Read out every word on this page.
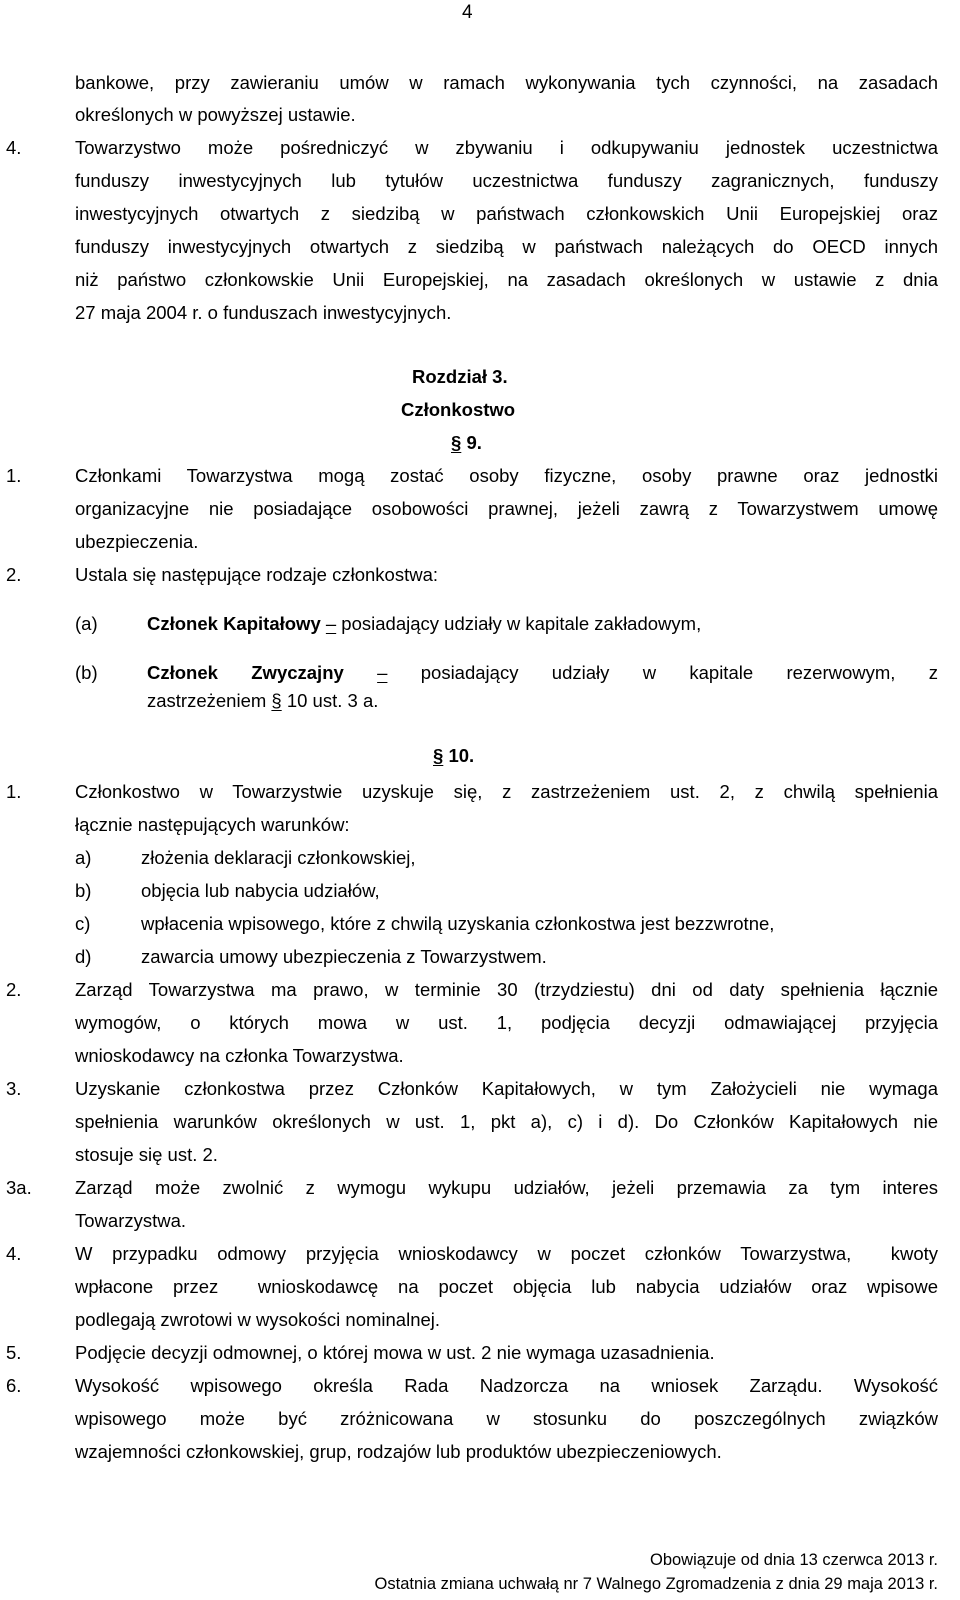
4
bankowe, przy zawieraniu umów w ramach wykonywania tych czynności, na zasadach
określonych w powyższej ustawie.
4.	Towarzystwo może pośredniczyć w zbywaniu i odkupywaniu jednostek uczestnictwa
funduszy inwestycyjnych lub tytułów uczestnictwa funduszy zagranicznych, funduszy
inwestycyjnych otwartych z siedzibą w państwach członkowskich Unii Europejskiej oraz
funduszy inwestycyjnych otwartych z siedzibą w państwach należących do OECD innych
niż państwo członkowskie Unii Europejskiej, na zasadach określonych w ustawie z dnia
27 maja 2004 r. o funduszach inwestycyjnych.
Rozdział 3.
Członkostwo
§ 9.
1.	Członkami Towarzystwa mogą zostać osoby fizyczne, osoby prawne oraz jednostki
organizacyjne nie posiadające osobowości prawnej, jeżeli zawrą z Towarzystwem umowę
ubezpieczenia.
2.	Ustala się następujące rodzaje członkostwa:
(a)	Członek Kapitałowy – posiadający udziały w kapitale zakładowym,
(b)	Członek Zwyczajny – posiadający udziały w kapitale rezerwowym, z
zastrzeżeniem § 10 ust. 3 a.
§ 10.
1.	Członkostwo w Towarzystwie uzyskuje się, z zastrzeżeniem ust. 2, z chwilą spełnienia
łącznie następujących warunków:
a)	złożenia deklaracji członkowskiej,
b)	objęcia lub nabycia udziałów,
c)	wpłacenia wpisowego, które z chwilą uzyskania członkostwa jest bezzwrotne,
d)	zawarcia umowy ubezpieczenia z Towarzystwem.
2.	Zarząd Towarzystwa ma prawo, w terminie 30 (trzydziestu) dni od daty spełnienia łącznie
wymogów, o których mowa w ust. 1, podjęcia decyzji odmawiającej przyjęcia
wnioskodawcy na członka Towarzystwa.
3.	Uzyskanie członkostwa przez Członków Kapitałowych, w tym Założycieli nie wymaga
spełnienia warunków określonych w ust. 1, pkt a), c) i d). Do Członków Kapitałowych nie
stosuje się ust. 2.
3a. Zarząd może zwolnić z wymogu wykupu udziałów, jeżeli przemawia za tym interes
Towarzystwa.
4.	W przypadku odmowy przyjęcia wnioskodawcy w poczet członków Towarzystwa,  kwoty
wpłacone przez  wnioskodawcę na poczet objęcia lub nabycia udziałów oraz wpisowe
podlegają zwrotowi w wysokości nominalnej.
5.	Podjęcie decyzji odmownej, o której mowa w ust. 2 nie wymaga uzasadnienia.
6.	Wysokość wpisowego określa Rada Nadzorcza na wniosek Zarządu. Wysokość
wpisowego może być zróżnicowana w stosunku do poszczególnych związków
wzajemności członkowskiej, grup, rodzajów lub produktów ubezpieczeniowych.
Obowiązuje od dnia 13 czerwca 2013 r.
Ostatnia zmiana uchwałą nr 7 Walnego Zgromadzenia z dnia 29 maja 2013 r.
